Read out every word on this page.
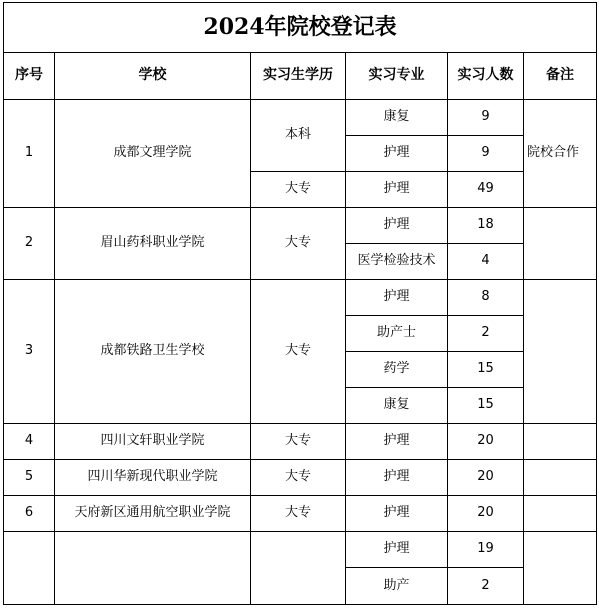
2024年院校登记表					
序号	学校	实习生学历	实习专业	实习人数	备注
1	成都文理学院	本科	康复	9	院校合作
			护理	9	
		大专	护理	49	
2	眉山药科职业学院	大专	护理	18	
			医学检验技术	4	
3	成都铁路卫生学校	大专	护理	8	
			助产士	2	
			药学	15	
			康复	15	
4	四川文轩职业学院	大专	护理	20	
5	四川华新现代职业学院	大专	护理	20	
6	天府新区通用航空职业学院	大专	护理	20	
			护理	19	
			助产	2	
